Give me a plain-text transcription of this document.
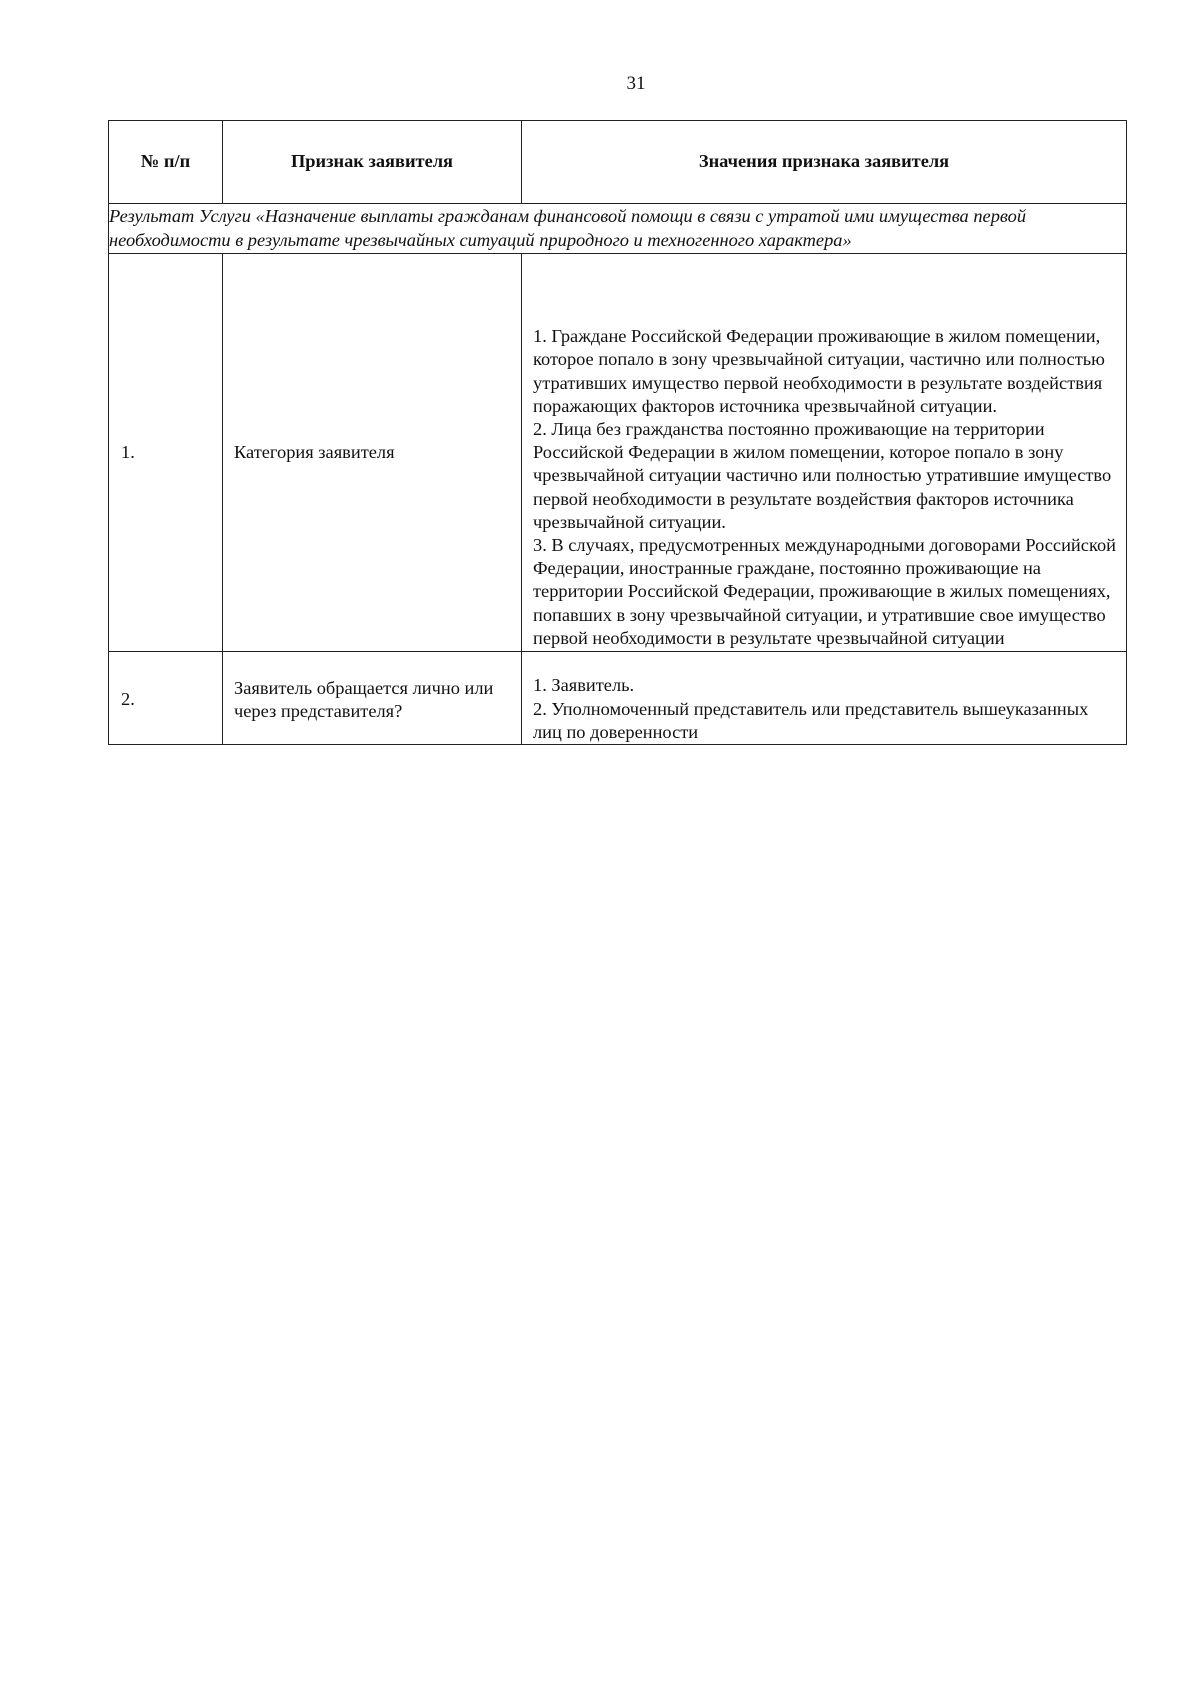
31
№ п/п	Признак заявителя	Значения признака заявителя
Результат Услуги «Назначение выплаты гражданам финансовой помощи в связи с утратой ими имущества первой необходимости в результате чрезвычайных ситуаций природного и техногенного характера»		
1.	Категория заявителя	1. Граждане Российской Федерации проживающие в жилом помещении, которое попало в зону чрезвычайной ситуации, частично или полностью утративших имущество первой необходимости в результате воздействия поражающих факторов источника чрезвычайной ситуации.
2. Лица без гражданства постоянно проживающие на территории Российской Федерации в жилом помещении, которое попало в зону чрезвычайной ситуации частично или полностью утратившие имущество первой необходимости в результате воздействия факторов источника чрезвычайной ситуации.
3. В случаях, предусмотренных международными договорами Российской Федерации, иностранные граждане, постоянно проживающие на территории Российской Федерации, проживающие в жилых помещениях, попавших в зону чрезвычайной ситуации, и утратившие свое имущество первой необходимости в результате чрезвычайной ситуации

2.	Заявитель обращается лично или через представителя?	1. Заявитель.
2. Уполномоченный представитель или представитель вышеуказанных лиц по доверенности
